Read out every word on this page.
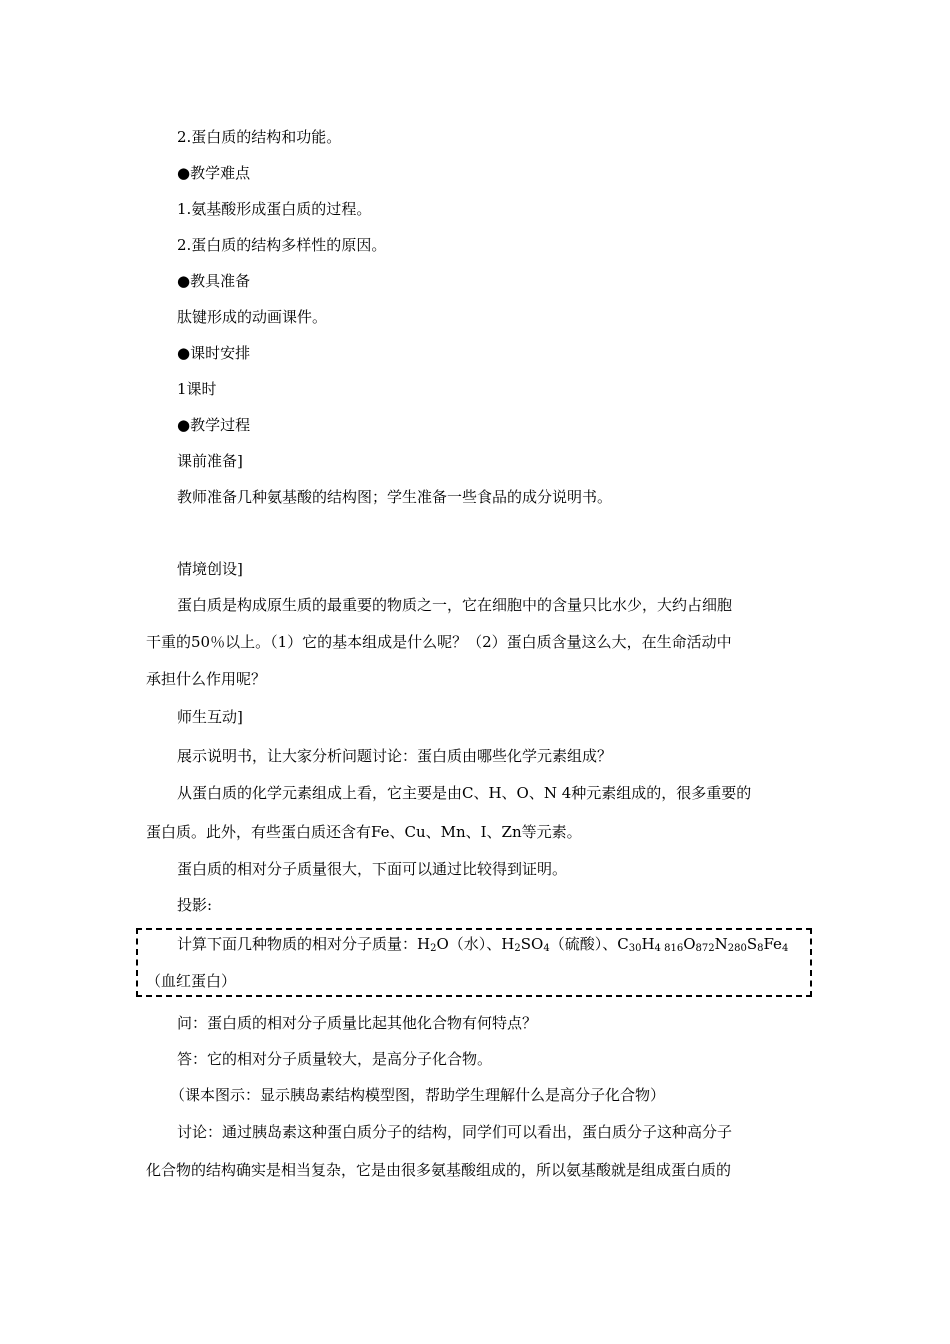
2.蛋白质的结构和功能。
●教学难点
1.氨基酸形成蛋白质的过程。
2.蛋白质的结构多样性的原因。
●教具准备
肽键形成的动画课件。
●课时安排
1课时
●教学过程
课前准备]
教师准备几种氨基酸的结构图；学生准备一些食品的成分说明书。
情境创设]
蛋白质是构成原生质的最重要的物质之一，它在细胞中的含量只比水少，大约占细胞
干重的50％以上。（1）它的基本组成是什么呢？（2）蛋白质含量这么大，在生命活动中
承担什么作用呢？
师生互动]
展示说明书，让大家分析问题讨论：蛋白质由哪些化学元素组成？
从蛋白质的化学元素组成上看，它主要是由C、H、O、N 4种元素组成的，很多重要的
蛋白质。此外，有些蛋白质还含有Fe、Cu、Mn、I、Zn等元素。
蛋白质的相对分子质量很大，下面可以通过比较得到证明。
投影:
计算下面几种物质的相对分子质量：$H_2O$（水）、$H_2SO_4$（硫酸）、$C_{30}H_{4 816}O_{872}N_{280}S_8Fe_4$
（血红蛋白）
问：蛋白质的相对分子质量比起其他化合物有何特点？
答：它的相对分子质量较大，是高分子化合物。
（课本图示：显示胰岛素结构模型图，帮助学生理解什么是高分子化合物）
讨论：通过胰岛素这种蛋白质分子的结构，同学们可以看出，蛋白质分子这种高分子
化合物的结构确实是相当复杂，它是由很多氨基酸组成的，所以氨基酸就是组成蛋白质的
